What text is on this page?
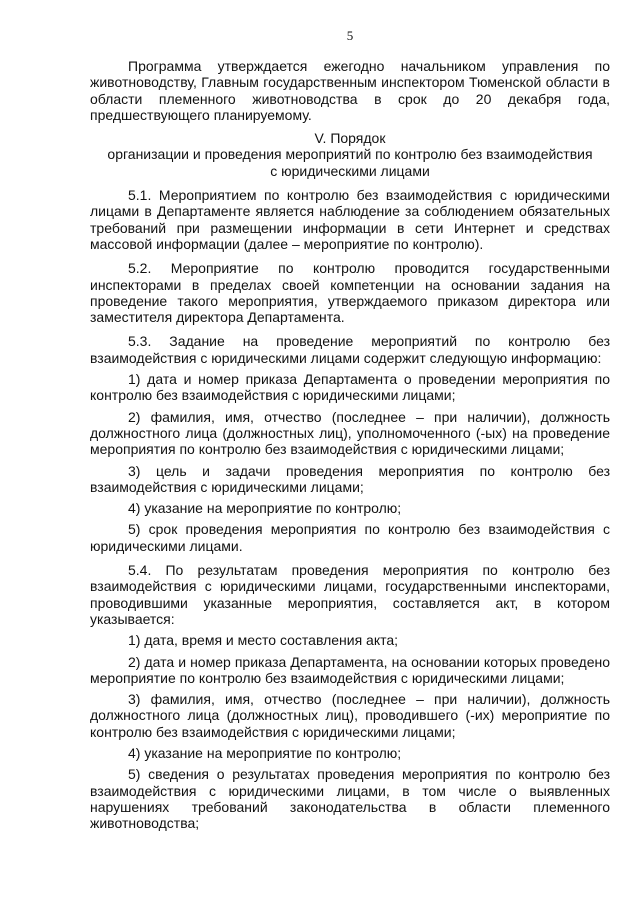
5

Программа утверждается ежегодно начальником управления по животноводству, Главным государственным инспектором Тюменской области в области племенного животноводства в срок до 20 декабря года, предшествующего планируемому.

V. Порядок
организации и проведения мероприятий по контролю без взаимодействия
с юридическими лицами

5.1. Мероприятием по контролю без взаимодействия с юридическими лицами в Департаменте является наблюдение за соблюдением обязательных требований при размещении информации в сети Интернет и средствах массовой информации (далее – мероприятие по контролю).

5.2. Мероприятие по контролю проводится государственными инспекторами в пределах своей компетенции на основании задания на проведение такого мероприятия, утверждаемого приказом директора или заместителя директора Департамента.

5.3. Задание на проведение мероприятий по контролю без взаимодействия с юридическими лицами содержит следующую информацию:

1) дата и номер приказа Департамента о проведении мероприятия по контролю без взаимодействия с юридическими лицами;

2) фамилия, имя, отчество (последнее – при наличии), должность должностного лица (должностных лиц), уполномоченного (-ых) на проведение мероприятия по контролю без взаимодействия с юридическими лицами;

3) цель и задачи проведения мероприятия по контролю без взаимодействия с юридическими лицами;

4) указание на мероприятие по контролю;

5) срок проведения мероприятия по контролю без взаимодействия с юридическими лицами.

5.4. По результатам проведения мероприятия по контролю без взаимодействия с юридическими лицами, государственными инспекторами, проводившими указанные мероприятия, составляется акт, в котором указывается:

1) дата, время и место составления акта;

2) дата и номер приказа Департамента, на основании которых проведено мероприятие по контролю без взаимодействия с юридическими лицами;

3) фамилия, имя, отчество (последнее – при наличии), должность должностного лица (должностных лиц), проводившего (-их) мероприятие по контролю без взаимодействия с юридическими лицами;

4) указание на мероприятие по контролю;

5) сведения о результатах проведения мероприятия по контролю без взаимодействия с юридическими лицами, в том числе о выявленных нарушениях требований законодательства в области племенного животноводства;
